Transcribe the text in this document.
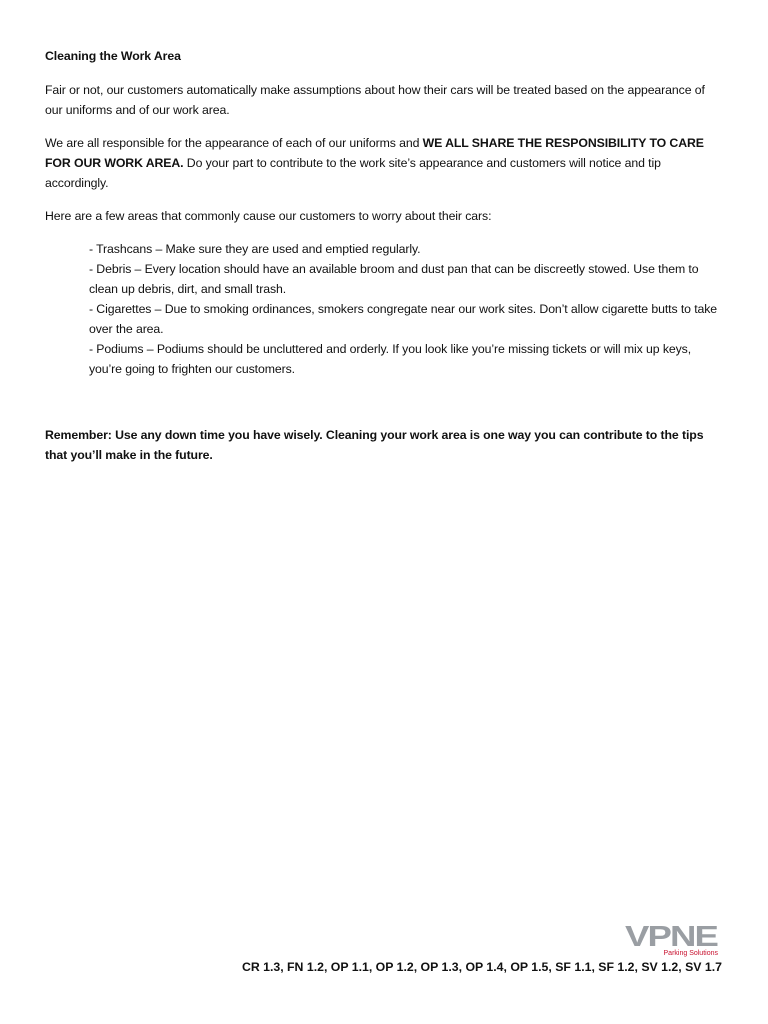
Cleaning the Work Area

Fair or not, our customers automatically make assumptions about how their cars will be treated based on the appearance of our uniforms and of our work area.

We are all responsible for the appearance of each of our uniforms and WE ALL SHARE THE RESPONSIBILITY TO CARE FOR OUR WORK AREA. Do your part to contribute to the work site’s appearance and customers will notice and tip accordingly.

Here are a few areas that commonly cause our customers to worry about their cars:

- Trashcans – Make sure they are used and emptied regularly.
- Debris – Every location should have an available broom and dust pan that can be discreetly stowed. Use them to clean up debris, dirt, and small trash.
- Cigarettes – Due to smoking ordinances, smokers congregate near our work sites. Don’t allow cigarette butts to take over the area.
- Podiums – Podiums should be uncluttered and orderly. If you look like you’re missing tickets or will mix up keys, you’re going to frighten our customers.

Remember: Use any down time you have wisely. Cleaning your work area is one way you can contribute to the tips that you’ll make in the future.

VPNE
Parking Solutions
CR 1.3, FN 1.2, OP 1.1, OP 1.2, OP 1.3, OP 1.4, OP 1.5, SF 1.1, SF 1.2, SV 1.2, SV 1.7
